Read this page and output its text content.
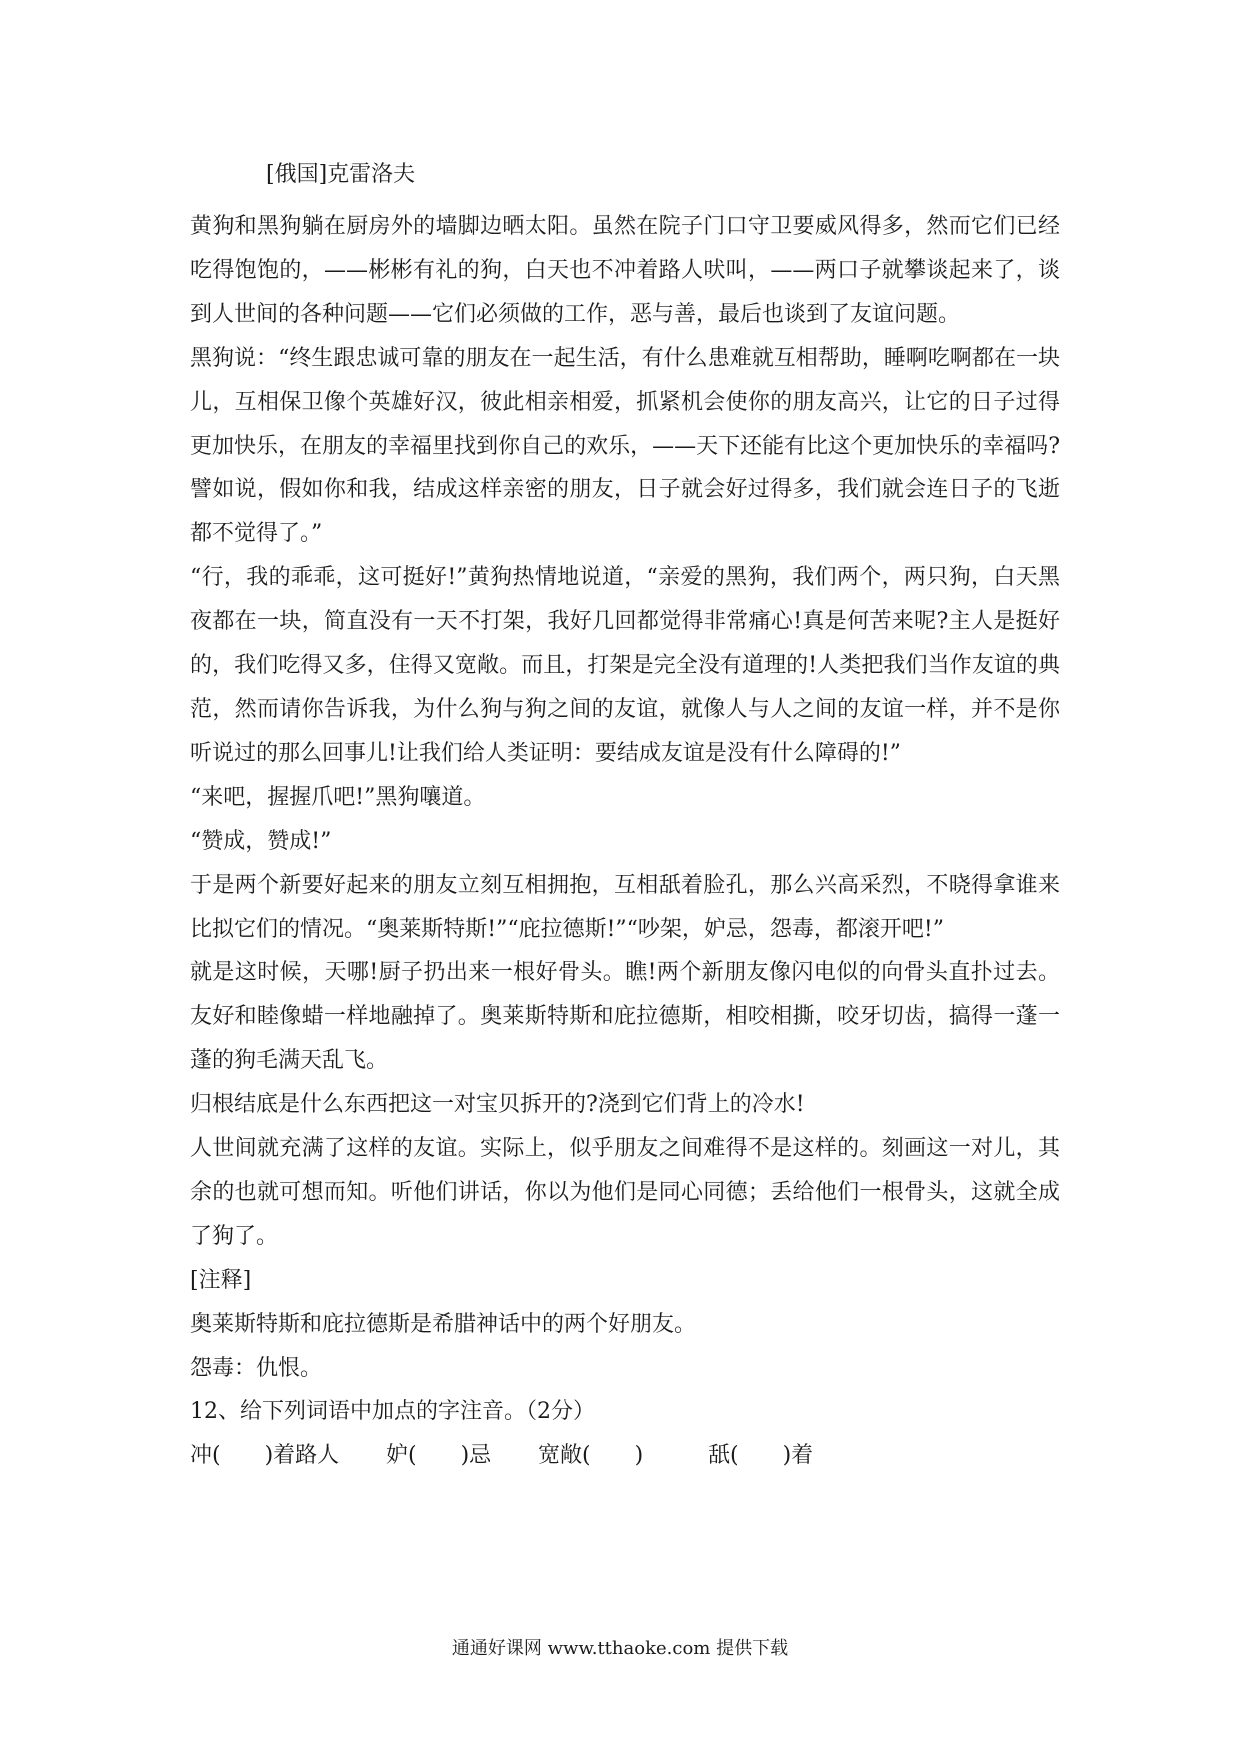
[俄国]克雷洛夫

黄狗和黑狗躺在厨房外的墙脚边晒太阳。虽然在院子门口守卫要威风得多，然而它们已经吃得饱饱的，——彬彬有礼的狗，白天也不冲着路人吠叫，——两口子就攀谈起来了，谈到人世间的各种问题——它们必须做的工作，恶与善，最后也谈到了友谊问题。

黑狗说：“终生跟忠诚可靠的朋友在一起生活，有什么患难就互相帮助，睡啊吃啊都在一块儿，互相保卫像个英雄好汉，彼此相亲相爱，抓紧机会使你的朋友高兴，让它的日子过得更加快乐，在朋友的幸福里找到你自己的欢乐，——天下还能有比这个更加快乐的幸福吗?譬如说，假如你和我，结成这样亲密的朋友，日子就会好过得多，我们就会连日子的飞逝都不觉得了。”

“行，我的乖乖，这可挺好!”黄狗热情地说道，“亲爱的黑狗，我们两个，两只狗，白天黑夜都在一块，简直没有一天不打架，我好几回都觉得非常痛心!真是何苦来呢?主人是挺好的，我们吃得又多，住得又宽敞。而且，打架是完全没有道理的!人类把我们当作友谊的典范，然而请你告诉我，为什么狗与狗之间的友谊，就像人与人之间的友谊一样，并不是你听说过的那么回事儿!让我们给人类证明：要结成友谊是没有什么障碍的!”

“来吧，握握爪吧!”黑狗嚷道。

“赞成，赞成!”

于是两个新要好起来的朋友立刻互相拥抱，互相舐着脸孔，那么兴高采烈，不晓得拿谁来比拟它们的情况。“奥莱斯特斯!”“庇拉德斯!”“吵架，妒忌，怨毒，都滚开吧!”

就是这时候，天哪!厨子扔出来一根好骨头。瞧!两个新朋友像闪电似的向骨头直扑过去。友好和睦像蜡一样地融掉了。奥莱斯特斯和庇拉德斯，相咬相撕，咬牙切齿，搞得一蓬一蓬的狗毛满天乱飞。

归根结底是什么东西把这一对宝贝拆开的?浇到它们背上的冷水!

人世间就充满了这样的友谊。实际上，似乎朋友之间难得不是这样的。刻画这一对儿，其余的也就可想而知。听他们讲话，你以为他们是同心同德；丢给他们一根骨头，这就全成了狗了。

[注释]

奥莱斯特斯和庇拉德斯是希腊神话中的两个好朋友。

怨毒：仇恨。

12、给下列词语中加点的字注音。（2分）

冲(　　)着路人	妒(　　)忌	宽敞(　　)	舐(　　)着
通通好课网 www.tthaoke.com 提供下载
